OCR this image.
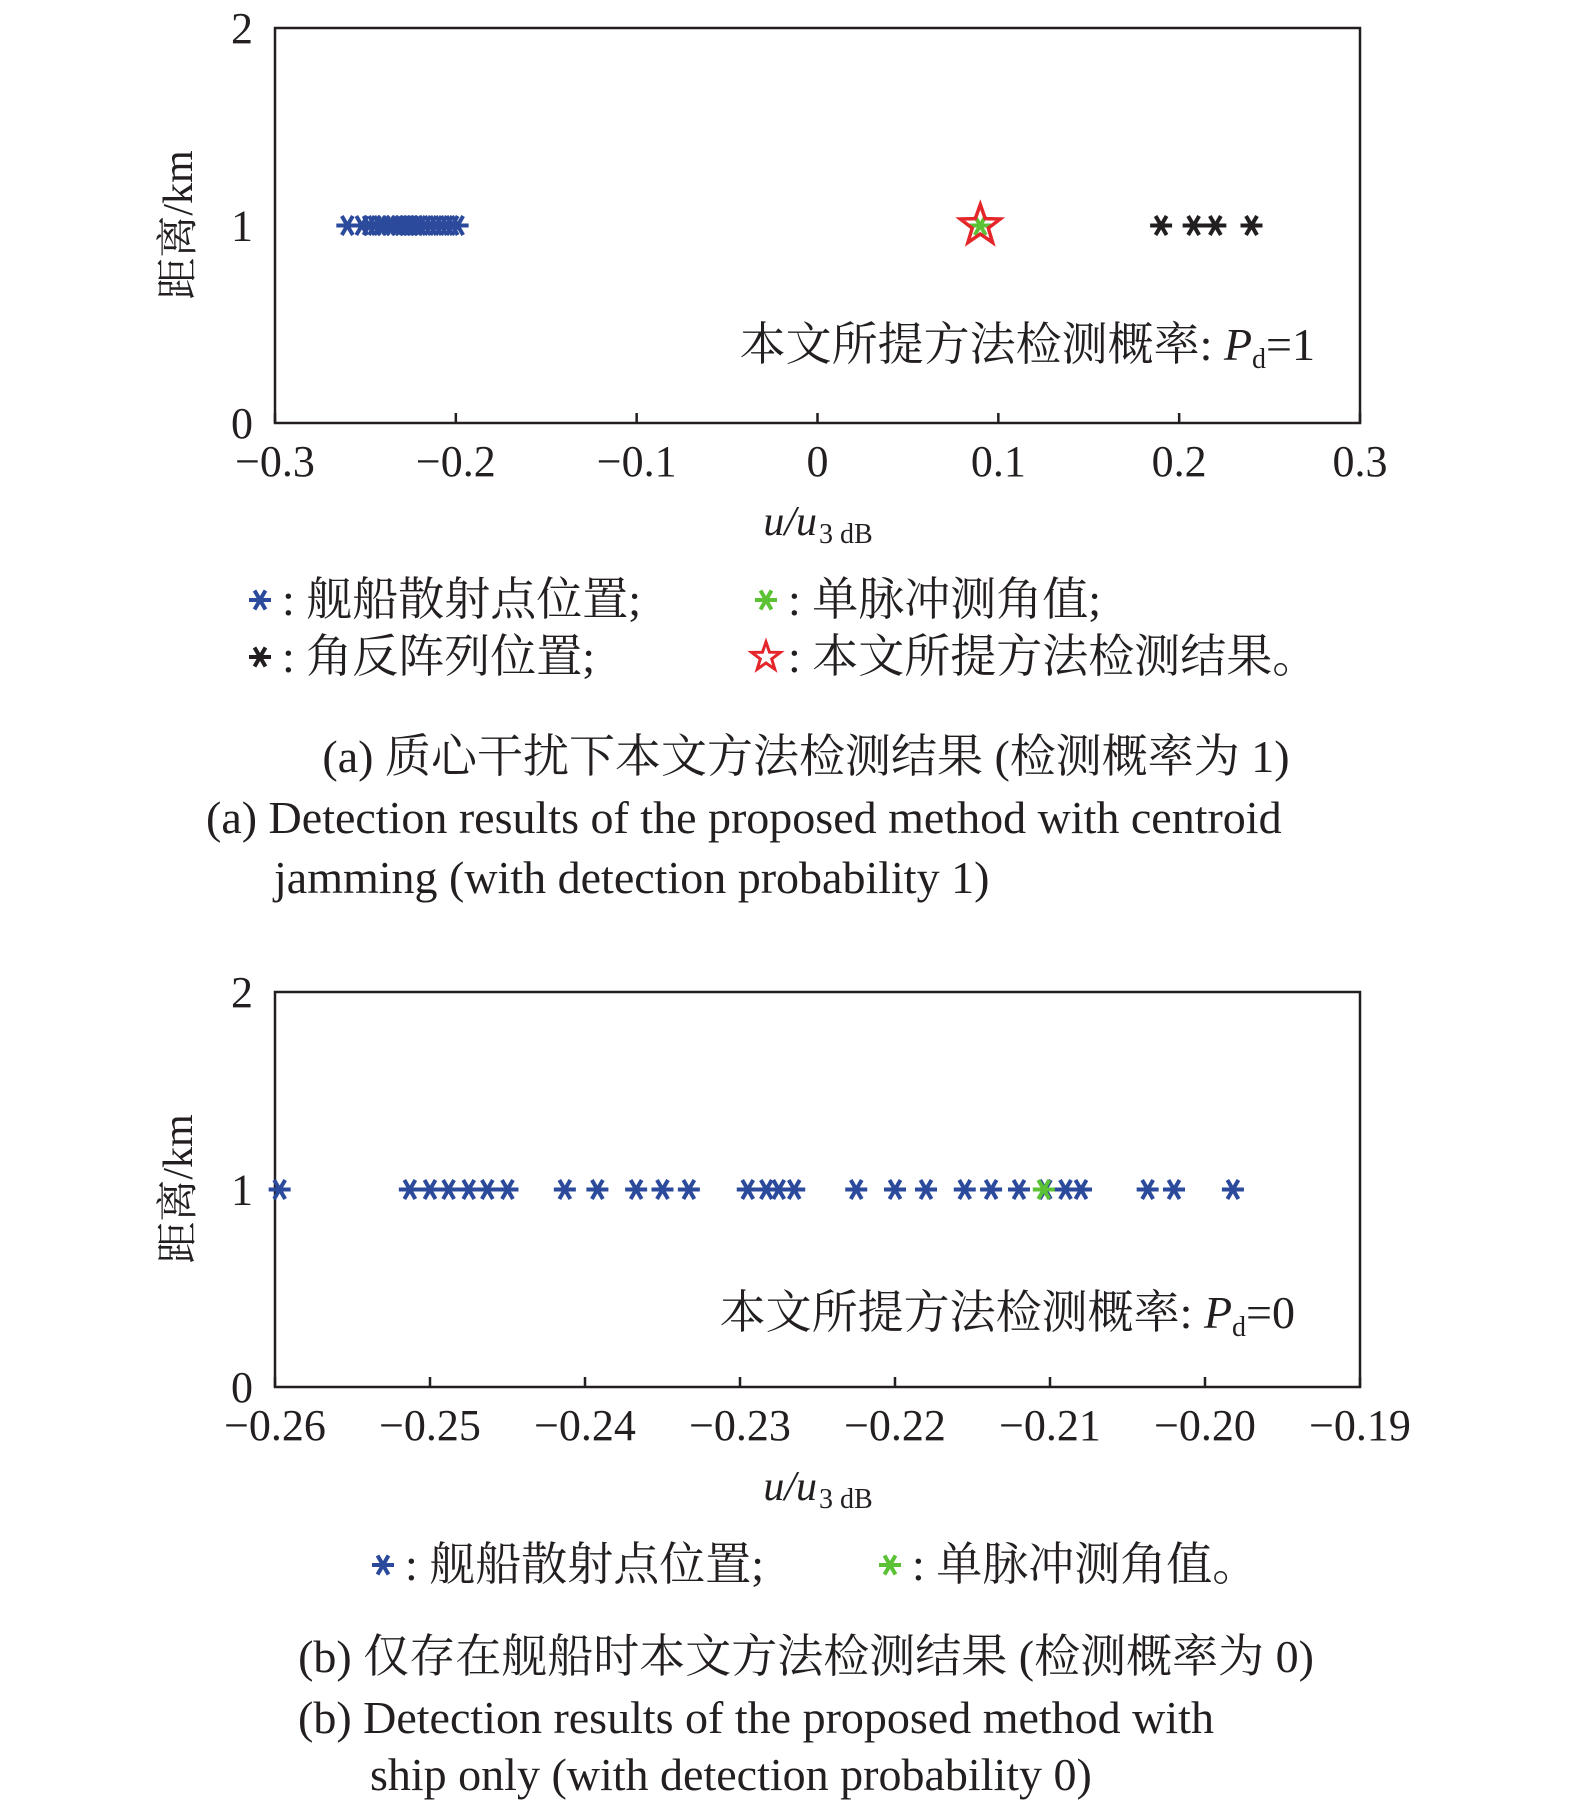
−0.3 −0.2 −0.1	0	0.1	0.2	0.3
0
1
2
距离/km
u/u3 dB
本文所提方法检测概率: Pd=1
: 舰船散射点位置;	: 单脉冲测角值;
: 角反阵列位置;	: 本文所提方法检测结果。
(a) 质心干扰下本文方法检测结果 (检测概率为 1)
(a) Detection results of the proposed method with centroid
jamming (with detection probability 1)
−0.26 −0.25 −0.24 −0.23 −0.22 −0.21 −0.20 −0.19
0
1
2
距离/km
u/u3 dB
本文所提方法检测概率: Pd=0
: 舰船散射点位置;	: 单脉冲测角值。
(b) 仅存在舰船时本文方法检测结果 (检测概率为 0)
(b) Detection results of the proposed method with
ship only (with detection probability 0)
